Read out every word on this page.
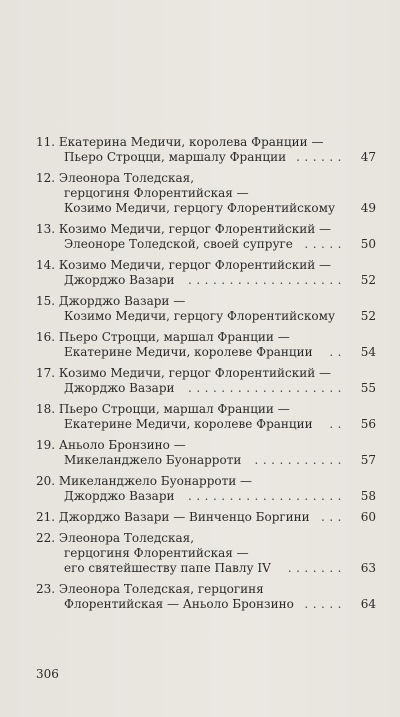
11. Екатерина Медичи, королева Франции —
Пьеро Строцци, маршалу Франции ......	47
12. Элеонора Толедская,
герцогиня Флорентийская —
Козимо Медичи, герцогу Флорентийскому	49
13. Козимо Медичи, герцог Флорентийский —
Элеоноре Толедской, своей супруге .....	50
14. Козимо Медичи, герцог Флорентийский —
Джорджо Вазари ...................	52
15. Джорджо Вазари —
Козимо Медичи, герцогу Флорентийскому	52
16. Пьеро Строцци, маршал Франции —
Екатерине Медичи, королеве Франции ..	54
17. Козимо Медичи, герцог Флорентийский —
Джорджо Вазари ...................	55
18. Пьеро Строцци, маршал Франции —
Екатерине Медичи, королеве Франции ..	56
19. Аньоло Бронзино —
Микеланджело Буонарроти ...........	57
20. Микеланджело Буонарроти —
Джорджо Вазари ...................	58
21. Джорджо Вазари — Винченцо Боргини ...	60
22. Элеонора Толедская,
герцогиня Флорентийская —
его святейшеству папе Павлу IV .......	63
23. Элеонора Толедская, герцогиня
Флорентийская — Аньоло Бронзино .....	64
306
